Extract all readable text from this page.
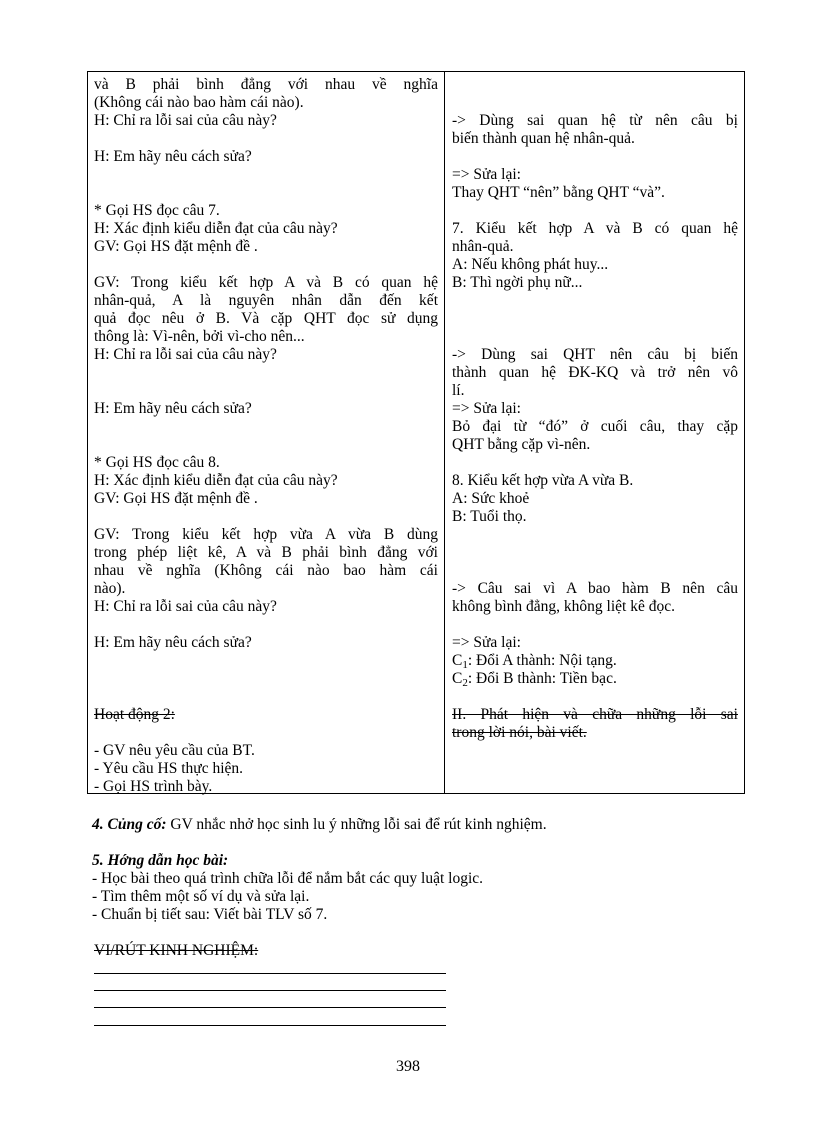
và B phải bình đẳng với nhau về nghĩa
(Không cái nào bao hàm cái nào).
H: Chỉ ra lỗi sai của câu này?
H: Em hãy nêu cách sửa?
* Gọi HS đọc câu 7.
H: Xác định kiểu diễn đạt của câu này?
GV: Gọi HS đặt mệnh đề .
GV: Trong kiểu kết hợp A và B có quan hệ
nhân-quả, A là nguyên nhân dẫn đến kết
quả đọc nêu ở B. Và cặp QHT đọc sử dụng
thông là: Vì-nên, bởi vì-cho nên...
H: Chỉ ra lỗi sai của câu này?
H: Em hãy nêu cách sửa?
* Gọi HS đọc câu 8.
H: Xác định kiểu diễn đạt của câu này?
GV: Gọi HS đặt mệnh đề .
GV: Trong kiểu kết hợp vừa A vừa B dùng
trong phép liệt kê, A và B phải bình đẳng với
nhau về nghĩa (Không cái nào bao hàm cái
nào).
H: Chỉ ra lỗi sai của câu này?
H: Em hãy nêu cách sửa?
Hoạt động 2:
- GV nêu yêu cầu của BT.
- Yêu cầu HS thực hiện.
- Gọi HS trình bày.
-> Dùng sai quan hệ từ nên câu bị
biến thành quan hệ nhân-quả.
=> Sửa lại:
Thay QHT “nên” bằng QHT “và”.
7. Kiểu kết hợp A và B có quan hệ
nhân-quả.
A: Nếu không phát huy...
B: Thì ngời phụ nữ...
-> Dùng sai QHT nên câu bị biến
thành quan hệ ĐK-KQ và trở nên vô
lí.
=> Sửa lại:
Bỏ đại từ “đó” ở cuối câu, thay cặp
QHT bằng cặp vì-nên.
8. Kiểu kết hợp vừa A vừa B.
A: Sức khoẻ
B: Tuổi thọ.
-> Câu sai vì A bao hàm B nên câu
không bình đẳng, không liệt kê đọc.
=> Sửa lại:
$C_1$: Đổi A thành: Nội tạng.
$C_2$: Đổi B thành: Tiền bạc.
II. Phát hiện và chữa những lỗi sai
trong lời nói, bài viết.
4. Củng cố: GV nhắc nhở học sinh lu ý những lỗi sai để rút kinh nghiệm.
5. Hớng dẫn học bài:
- Học bài theo quá trình chữa lỗi để nắm bắt các quy luật logic.
- Tìm thêm một số ví dụ và sửa lại.
- Chuẩn bị tiết sau: Viết bài TLV số 7.
VI/RÚT KINH NGHIỆM:
398
